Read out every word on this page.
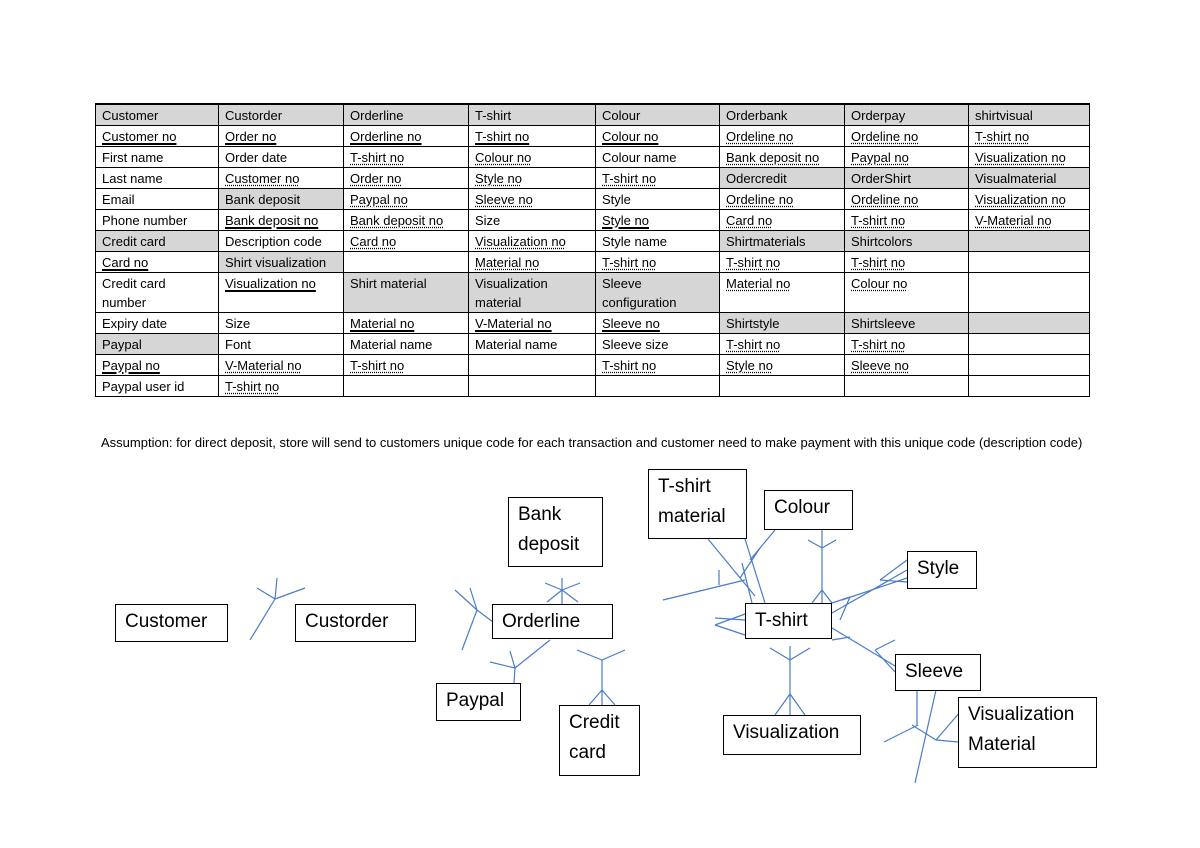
Customer	Custorder	Orderline	T-shirt	Colour	Orderbank	Orderpay	shirtvisual
Customer no	Order no	Orderline no	T-shirt no	Colour no	Ordeline no	Ordeline no	T-shirt no
First name	Order date	T-shirt no	Colour no	Colour name	Bank deposit no	Paypal no	Visualization no
Last name	Customer no	Order no	Style no	T-shirt no	Odercredit	OrderShirt	Visualmaterial
Email	Bank deposit	Paypal no	Sleeve no	Style	Ordeline no	Ordeline no	Visualization no
Phone number	Bank deposit no	Bank deposit no	Size	Style no	Card no	T-shirt no	V-Material no
Credit card	Description code	Card no	Visualization no	Style name	Shirtmaterials	Shirtcolors	
Card no	Shirt visualization		Material no	T-shirt no	T-shirt no	T-shirt no	
Credit card number	Visualization no	Shirt material	Visualization material	Sleeve configuration	Material no	Colour no	
Expiry date	Size	Material no	V-Material no	Sleeve no	Shirtstyle	Shirtsleeve	
Paypal	Font	Material name	Material name	Sleeve size	T-shirt no	T-shirt no	
Paypal no	V-Material no	T-shirt no		T-shirt no	Style no	Sleeve no	
Paypal user id	T-shirt no						

Assumption: for direct deposit, store will send to customers unique code for each transaction and customer need to make payment with this unique code (description code)

Customer	Custorder
Bank deposit
Orderline
Paypal
Credit card
T-shirt material	Colour
Style
T-shirt
Sleeve
Visualization
Visualization Material
